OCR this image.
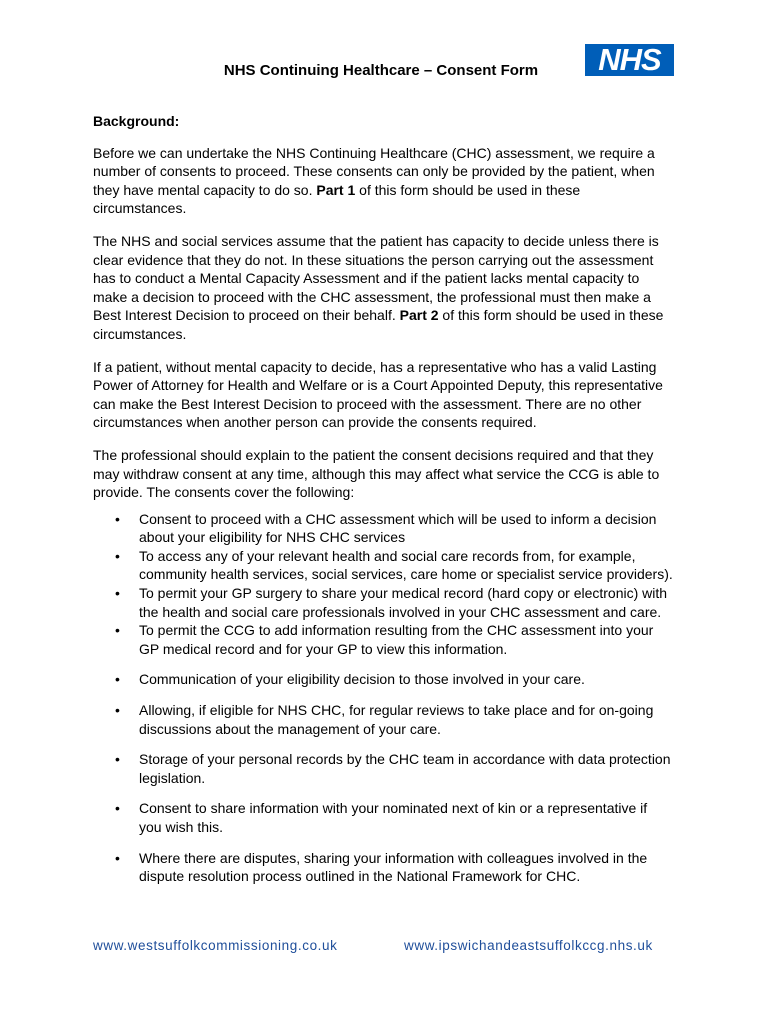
NHS
NHS Continuing Healthcare – Consent Form

Background:

Before we can undertake the NHS Continuing Healthcare (CHC) assessment, we require a number of consents to proceed. These consents can only be provided by the patient, when they have mental capacity to do so. Part 1 of this form should be used in these circumstances.

The NHS and social services assume that the patient has capacity to decide unless there is clear evidence that they do not. In these situations the person carrying out the assessment has to conduct a Mental Capacity Assessment and if the patient lacks mental capacity to make a decision to proceed with the CHC assessment, the professional must then make a Best Interest Decision to proceed on their behalf. Part 2 of this form should be used in these circumstances.

If a patient, without mental capacity to decide, has a representative who has a valid Lasting Power of Attorney for Health and Welfare or is a Court Appointed Deputy, this representative can make the Best Interest Decision to proceed with the assessment. There are no other circumstances when another person can provide the consents required.

The professional should explain to the patient the consent decisions required and that they may withdraw consent at any time, although this may affect what service the CCG is able to provide. The consents cover the following:

• Consent to proceed with a CHC assessment which will be used to inform a decision about your eligibility for NHS CHC services
• To access any of your relevant health and social care records from, for example, community health services, social services, care home or specialist service providers).
• To permit your GP surgery to share your medical record (hard copy or electronic) with the health and social care professionals involved in your CHC assessment and care.
• To permit the CCG to add information resulting from the CHC assessment into your GP medical record and for your GP to view this information.
• Communication of your eligibility decision to those involved in your care.
• Allowing, if eligible for NHS CHC, for regular reviews to take place and for on-going discussions about the management of your care.
• Storage of your personal records by the CHC team in accordance with data protection legislation.
• Consent to share information with your nominated next of kin or a representative if you wish this.
• Where there are disputes, sharing your information with colleagues involved in the dispute resolution process outlined in the National Framework for CHC.
www.westsuffolkcommissioning.co.uk	www.ipswichandeastsuffolkccg.nhs.uk
